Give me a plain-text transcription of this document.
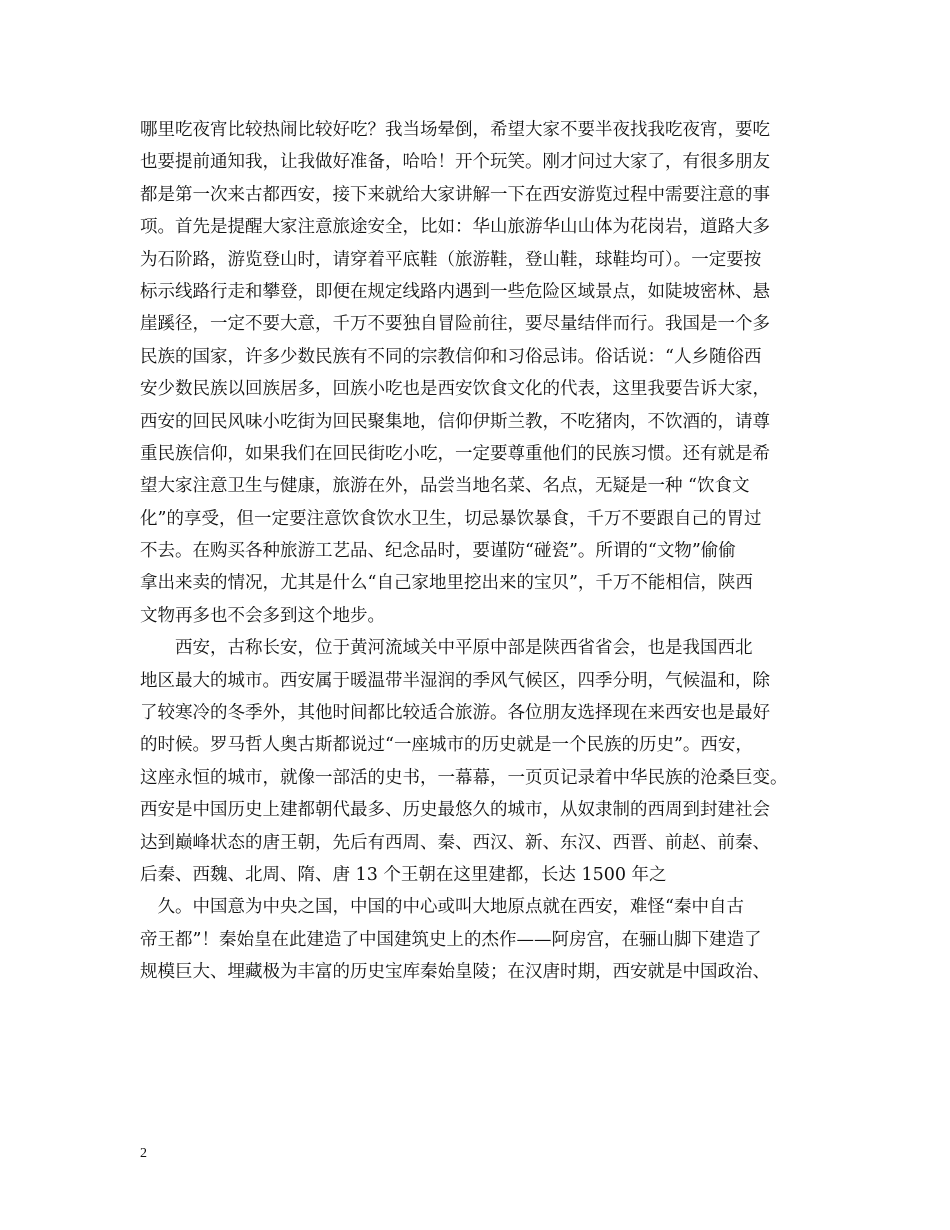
哪里吃夜宵比较热闹比较好吃？我当场晕倒，希望大家不要半夜找我吃夜宵，要吃
也要提前通知我，让我做好准备，哈哈！开个玩笑。刚才问过大家了，有很多朋友
都是第一次来古都西安，接下来就给大家讲解一下在西安游览过程中需要注意的事
项。首先是提醒大家注意旅途安全，比如：华山旅游华山山体为花岗岩，道路大多
为石阶路，游览登山时，请穿着平底鞋（旅游鞋，登山鞋，球鞋均可）。一定要按
标示线路行走和攀登，即便在规定线路内遇到一些危险区域景点，如陡坡密林、悬
崖蹊径，一定不要大意，千万不要独自冒险前往，要尽量结伴而行。我国是一个多
民族的国家，许多少数民族有不同的宗教信仰和习俗忌讳。俗话说：“人乡随俗西
安少数民族以回族居多，回族小吃也是西安饮食文化的代表，这里我要告诉大家，
西安的回民风味小吃街为回民聚集地，信仰伊斯兰教，不吃猪肉，不饮酒的，请尊
重民族信仰，如果我们在回民街吃小吃，一定要尊重他们的民族习惯。还有就是希
望大家注意卫生与健康，旅游在外，品尝当地名菜、名点，无疑是一种 “饮食文
化”的享受，但一定要注意饮食饮水卫生，切忌暴饮暴食，千万不要跟自己的胃过
不去。在购买各种旅游工艺品、纪念品时，要谨防“碰瓷”。所谓的“文物”偷偷
拿出来卖的情况，尤其是什么“自己家地里挖出来的宝贝”，千万不能相信，陕西
文物再多也不会多到这个地步。
　　西安，古称长安，位于黄河流域关中平原中部是陕西省省会，也是我国西北
地区最大的城市。西安属于暖温带半湿润的季风气候区，四季分明，气候温和，除
了较寒冷的冬季外，其他时间都比较适合旅游。各位朋友选择现在来西安也是最好
的时候。罗马哲人奥古斯都说过“一座城市的历史就是一个民族的历史”。西安，
这座永恒的城市，就像一部活的史书，一幕幕，一页页记录着中华民族的沧桑巨变。
西安是中国历史上建都朝代最多、历史最悠久的城市，从奴隶制的西周到封建社会
达到巅峰状态的唐王朝，先后有西周、秦、西汉、新、东汉、西晋、前赵、前秦、
后秦、西魏、北周、隋、唐 13 个王朝在这里建都，长达 1500 年之
　久。中国意为中央之国，中国的中心或叫大地原点就在西安，难怪“秦中自古
帝王都”！秦始皇在此建造了中国建筑史上的杰作——阿房宫，在骊山脚下建造了
规模巨大、埋藏极为丰富的历史宝库秦始皇陵；在汉唐时期，西安就是中国政治、
2
